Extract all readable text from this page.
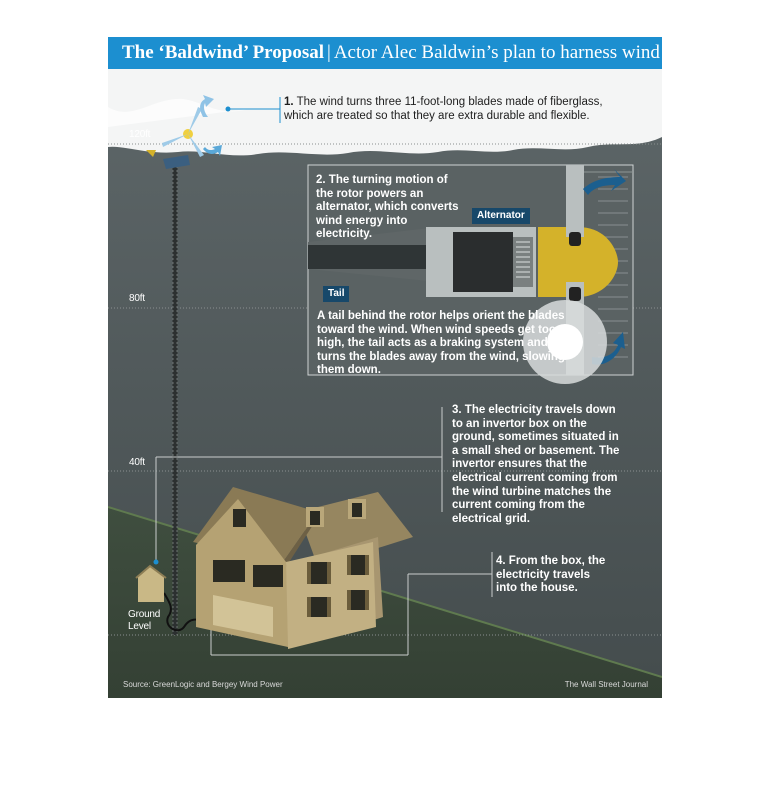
The ‘Baldwind’ Proposal | Actor Alec Baldwin’s plan to harness wind
120ft
80ft
40ft
Ground Level
1. The wind turns three 11-foot-long blades made of fiberglass, which are treated so that they are extra durable and flexible.
2. The turning motion of the rotor powers an alternator, which converts wind energy into electricity.
Alternator
Tail
A tail behind the rotor helps orient the blades toward the wind. When wind speeds get too high, the tail acts as a braking system and turns the blades away from the wind, slowing them down.
3. The electricity travels down to an invertor box on the ground, sometimes situated in a small shed or basement. The invertor ensures that the electrical current coming from the wind turbine matches the current coming from the electrical grid.
4. From the box, the electricity travels into the house.
Source: GreenLogic and Bergey Wind Power	The Wall Street Journal
